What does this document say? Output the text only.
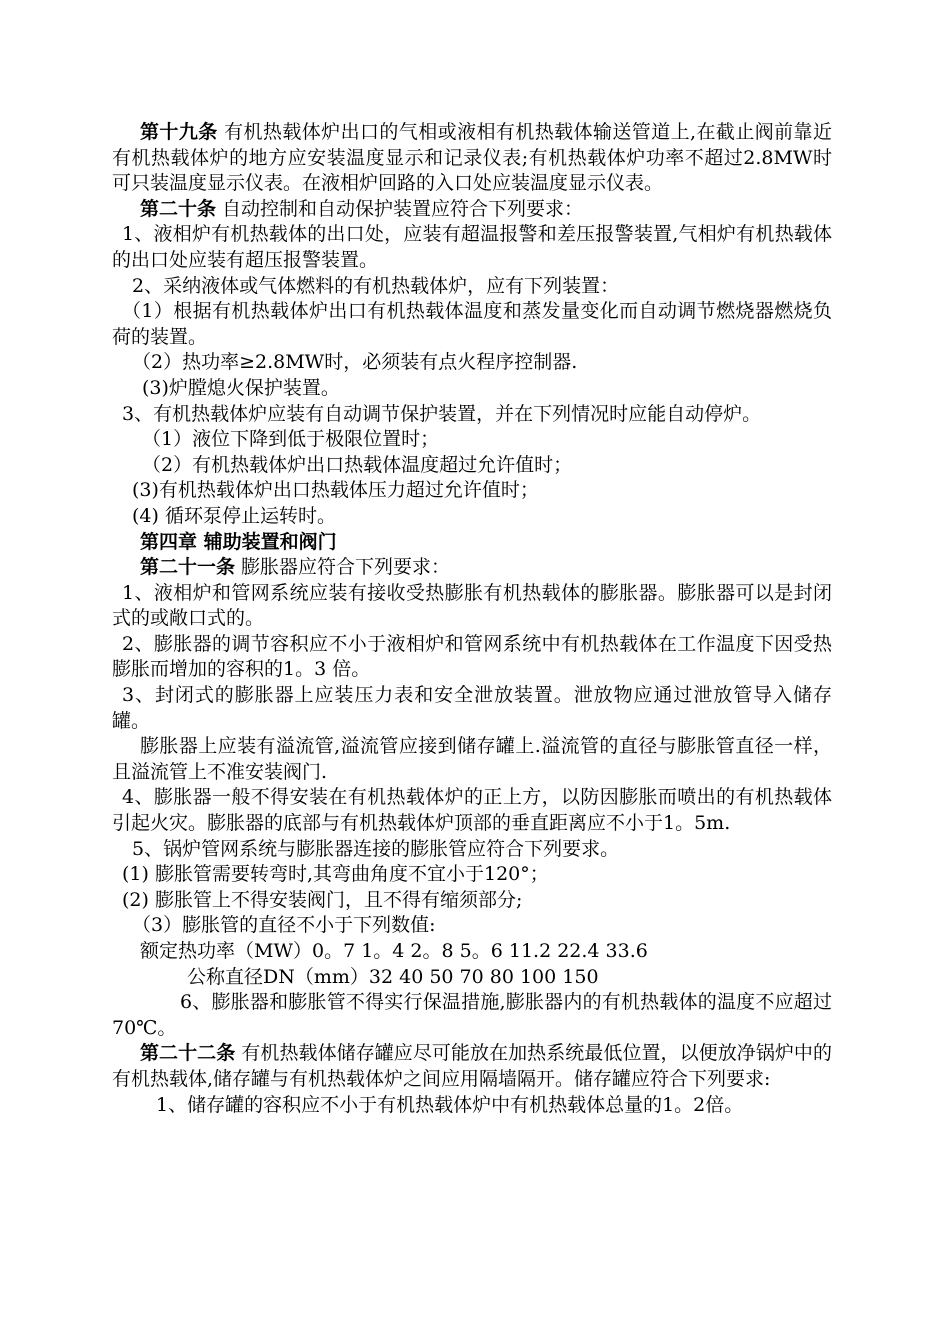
第十九条 有机热载体炉出口的气相或液相有机热载体输送管道上,在截止阀前靠近有机热载体炉的地方应安装温度显示和记录仪表;有机热载体炉功率不超过2.8MW时可只装温度显示仪表。在液相炉回路的入口处应装温度显示仪表。

第二十条 自动控制和自动保护装置应符合下列要求：

1、液相炉有机热载体的出口处，应装有超温报警和差压报警装置,气相炉有机热载体的出口处应装有超压报警装置。

2、采纳液体或气体燃料的有机热载体炉，应有下列装置：

（1）根据有机热载体炉出口有机热载体温度和蒸发量变化而自动调节燃烧器燃烧负荷的装置。

（2）热功率≥2.8MW时，必须装有点火程序控制器.

(3)炉膛熄火保护装置。

3、有机热载体炉应装有自动调节保护装置，并在下列情况时应能自动停炉。

（1）液位下降到低于极限位置时；

（2）有机热载体炉出口热载体温度超过允许值时；

(3)有机热载体炉出口热载体压力超过允许值时；

(4) 循环泵停止运转时。

第四章 辅助装置和阀门

第二十一条 膨胀器应符合下列要求：

1、液相炉和管网系统应装有接收受热膨胀有机热载体的膨胀器。膨胀器可以是封闭式的或敞口式的。

2、膨胀器的调节容积应不小于液相炉和管网系统中有机热载体在工作温度下因受热膨胀而增加的容积的1。3 倍。

3、封闭式的膨胀器上应装压力表和安全泄放装置。泄放物应通过泄放管导入储存罐。

膨胀器上应装有溢流管,溢流管应接到储存罐上.溢流管的直径与膨胀管直径一样，且溢流管上不准安装阀门.

4、膨胀器一般不得安装在有机热载体炉的正上方，以防因膨胀而喷出的有机热载体引起火灾。膨胀器的底部与有机热载体炉顶部的垂直距离应不小于1。5m.

5、锅炉管网系统与膨胀器连接的膨胀管应符合下列要求。

(1) 膨胀管需要转弯时,其弯曲角度不宜小于120°；

(2) 膨胀管上不得安装阀门，且不得有缩须部分;

（3）膨胀管的直径不小于下列数值:

额定热功率（MW）0。7 1。4 2。8 5。6 11.2 22.4 33.6

公称直径DN（mm）32 40 50 70 80 100 150

6、膨胀器和膨胀管不得实行保温措施,膨胀器内的有机热载体的温度不应超过70℃。

第二十二条 有机热载体储存罐应尽可能放在加热系统最低位置，以便放净锅炉中的有机热载体,储存罐与有机热载体炉之间应用隔墙隔开。储存罐应符合下列要求:

1、储存罐的容积应不小于有机热载体炉中有机热载体总量的1。2倍。
